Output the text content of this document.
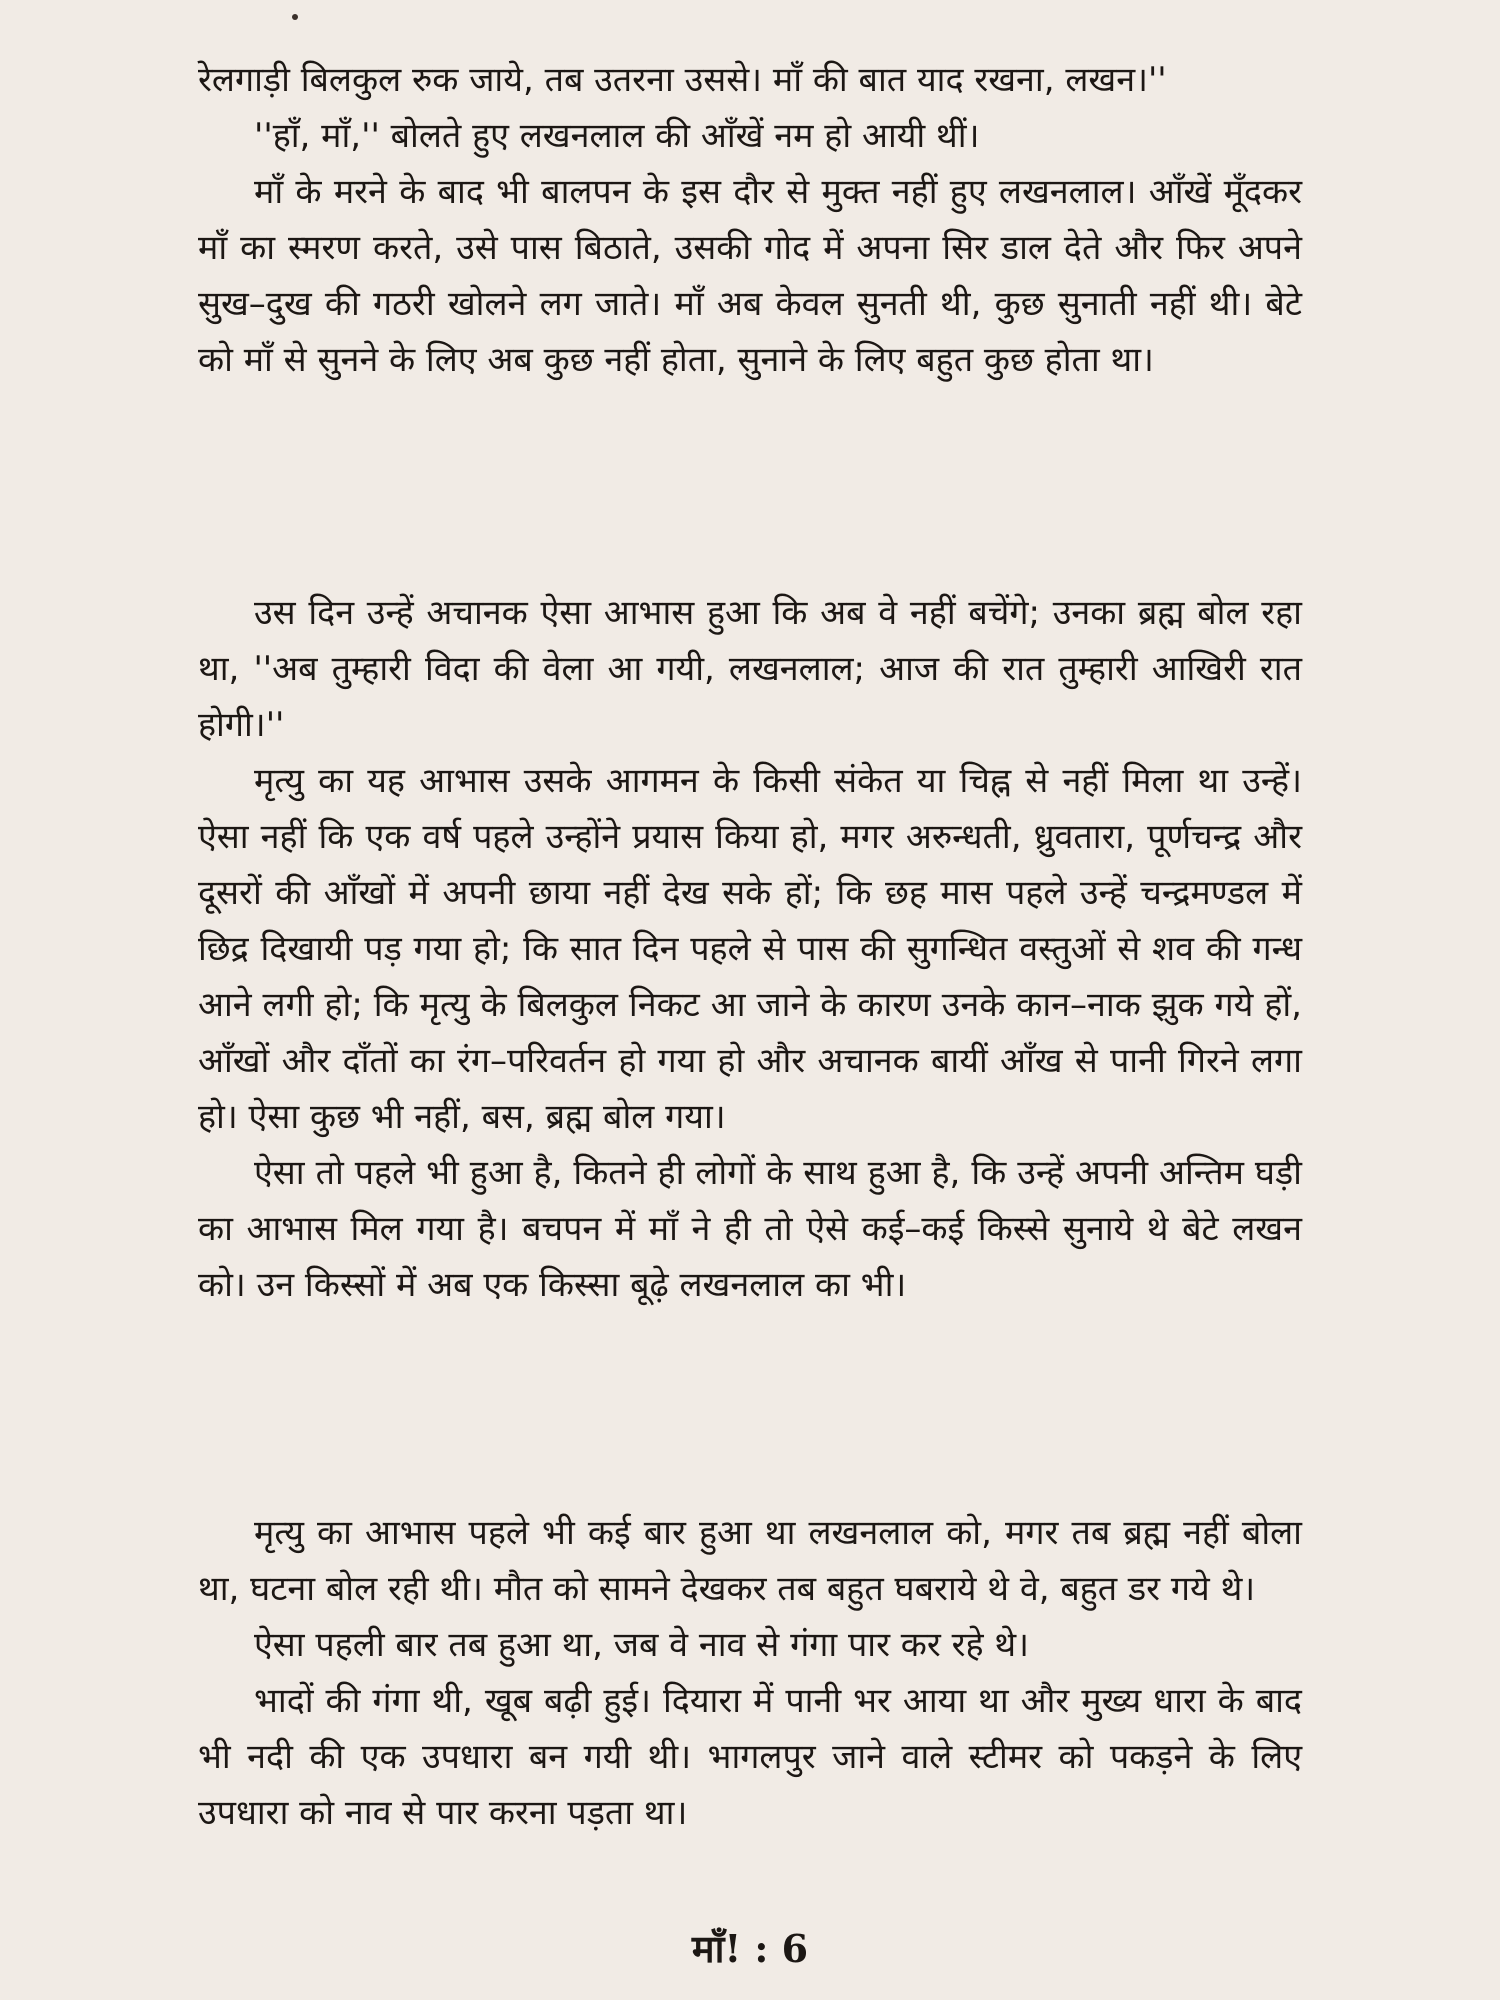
रेलगाड़ी बिलकुल रुक जाये, तब उतरना उससे। माँ की बात याद रखना, लखन।''

''हाँ, माँ,'' बोलते हुए लखनलाल की आँखें नम हो आयी थीं।

माँ के मरने के बाद भी बालपन के इस दौर से मुक्त नहीं हुए लखनलाल। आँखें मूँदकर माँ का स्मरण करते, उसे पास बिठाते, उसकी गोद में अपना सिर डाल देते और फिर अपने सुख–दुख की गठरी खोलने लग जाते। माँ अब केवल सुनती थी, कुछ सुनाती नहीं थी। बेटे को माँ से सुनने के लिए अब कुछ नहीं होता, सुनाने के लिए बहुत कुछ होता था।

उस दिन उन्हें अचानक ऐसा आभास हुआ कि अब वे नहीं बचेंगे; उनका ब्रह्म बोल रहा था, ''अब तुम्हारी विदा की वेला आ गयी, लखनलाल; आज की रात तुम्हारी आखिरी रात होगी।''

मृत्यु का यह आभास उसके आगमन के किसी संकेत या चिह्न से नहीं मिला था उन्हें। ऐसा नहीं कि एक वर्ष पहले उन्होंने प्रयास किया हो, मगर अरुन्धती, ध्रुवतारा, पूर्णचन्द्र और दूसरों की आँखों में अपनी छाया नहीं देख सके हों; कि छह मास पहले उन्हें चन्द्रमण्डल में छिद्र दिखायी पड़ गया हो; कि सात दिन पहले से पास की सुगन्धित वस्तुओं से शव की गन्ध आने लगी हो; कि मृत्यु के बिलकुल निकट आ जाने के कारण उनके कान–नाक झुक गये हों, आँखों और दाँतों का रंग–परिवर्तन हो गया हो और अचानक बायीं आँख से पानी गिरने लगा हो। ऐसा कुछ भी नहीं, बस, ब्रह्म बोल गया।

ऐसा तो पहले भी हुआ है, कितने ही लोगों के साथ हुआ है, कि उन्हें अपनी अन्तिम घड़ी का आभास मिल गया है। बचपन में माँ ने ही तो ऐसे कई–कई किस्से सुनाये थे बेटे लखन को। उन किस्सों में अब एक किस्सा बूढ़े लखनलाल का भी।

मृत्यु का आभास पहले भी कई बार हुआ था लखनलाल को, मगर तब ब्रह्म नहीं बोला था, घटना बोल रही थी। मौत को सामने देखकर तब बहुत घबराये थे वे, बहुत डर गये थे।

ऐसा पहली बार तब हुआ था, जब वे नाव से गंगा पार कर रहे थे।

भादों की गंगा थी, खूब बढ़ी हुई। दियारा में पानी भर आया था और मुख्य धारा के बाद भी नदी की एक उपधारा बन गयी थी। भागलपुर जाने वाले स्टीमर को पकड़ने के लिए उपधारा को नाव से पार करना पड़ता था।

माँ! : 6
